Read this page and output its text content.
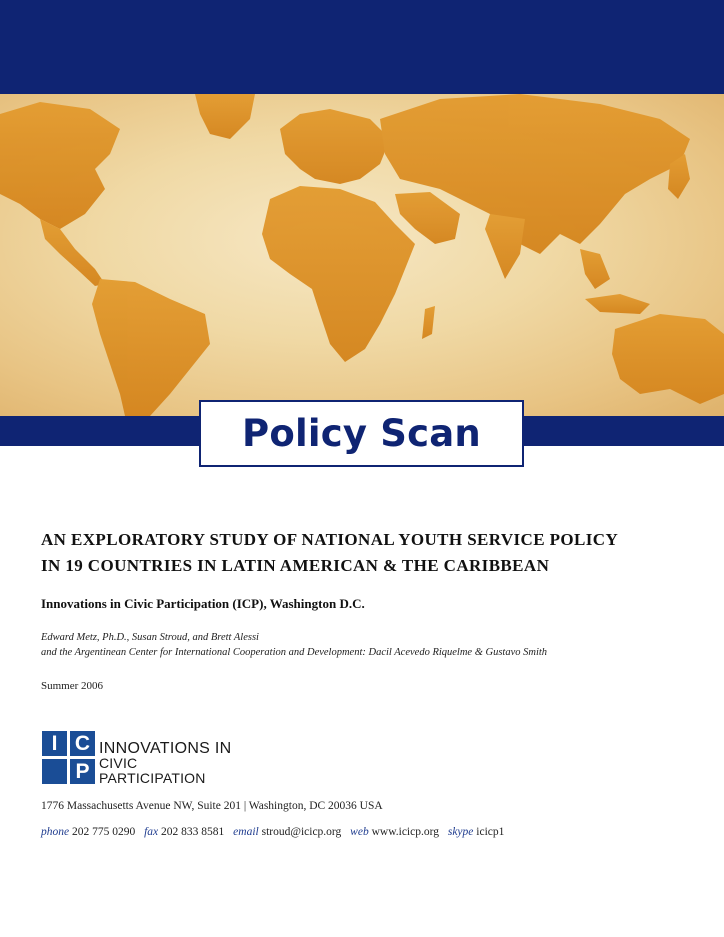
Policy Scan
AN EXPLORATORY STUDY OF NATIONAL YOUTH SERVICE POLICY
IN 19 COUNTRIES IN LATIN AMERICAN & THE CARIBBEAN
Innovations in Civic Participation (ICP), Washington D.C.
Edward Metz, Ph.D., Susan Stroud, and Brett Alessi
and the Argentinean Center for International Cooperation and Development: Dacil Acevedo Riquelme & Gustavo Smith
Summer 2006
I C
P
INNOVATIONS IN
CIVIC PARTICIPATION
1776 Massachusetts Avenue NW, Suite 201 | Washington, DC 20036 USA
phone 202 775 0290 fax 202 833 8581 email stroud@icicp.org web www.icicp.org skype icicp1
